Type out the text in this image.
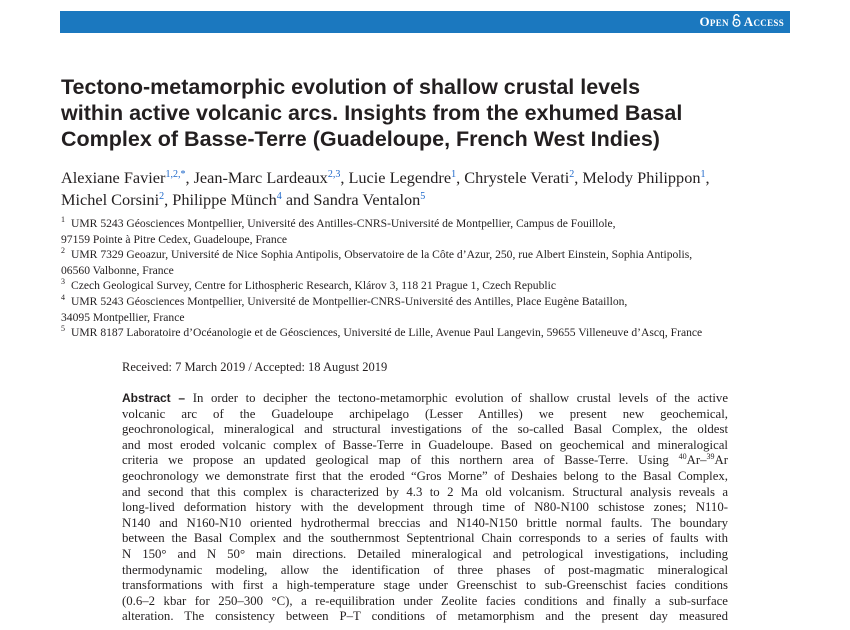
Open Access
Tectono-metamorphic evolution of shallow crustal levels
within active volcanic arcs. Insights from the exhumed Basal
Complex of Basse-Terre (Guadeloupe, French West Indies)
Alexiane Favier$^{1,2,*}$, Jean-Marc Lardeaux$^{2,3}$, Lucie Legendre$^1$, Chrystele Verati$^2$, Melody Philippon$^1$,
Michel Corsini$^2$, Philippe Münch$^4$ and Sandra Ventalon$^5$
1 UMR 5243 Géosciences Montpellier, Université des Antilles-CNRS-Université de Montpellier, Campus de Fouillole,
97159 Pointe à Pitre Cedex, Guadeloupe, France
2 UMR 7329 Geoazur, Université de Nice Sophia Antipolis, Observatoire de la Côte d’Azur, 250, rue Albert Einstein, Sophia Antipolis,
06560 Valbonne, France
3 Czech Geological Survey, Centre for Lithospheric Research, Klárov 3, 118 21 Prague 1, Czech Republic
4 UMR 5243 Géosciences Montpellier, Université de Montpellier-CNRS-Université des Antilles, Place Eugène Bataillon,
34095 Montpellier, France
5 UMR 8187 Laboratoire d’Océanologie et de Géosciences, Université de Lille, Avenue Paul Langevin, 59655 Villeneuve d’Ascq, France
Received: 7 March 2019 / Accepted: 18 August 2019
Abstract – In order to decipher the tectono-metamorphic evolution of shallow crustal levels of the active
volcanic arc of the Guadeloupe archipelago (Lesser Antilles) we present new geochemical,
geochronological, mineralogical and structural investigations of the so-called Basal Complex, the oldest
and most eroded volcanic complex of Basse-Terre in Guadeloupe. Based on geochemical and mineralogical
criteria we propose an updated geological map of this northern area of Basse-Terre. Using $^{40}$Ar–$^{39}$Ar
geochronology we demonstrate first that the eroded “Gros Morne” of Deshaies belong to the Basal Complex,
and second that this complex is characterized by 4.3 to 2 Ma old volcanism. Structural analysis reveals a
long-lived deformation history with the development through time of N80-N100 schistose zones; N110-
N140 and N160-N10 oriented hydrothermal breccias and N140-N150 brittle normal faults. The boundary
between the Basal Complex and the southernmost Septentrional Chain corresponds to a series of faults with
N 150° and N 50° main directions. Detailed mineralogical and petrological investigations, including
thermodynamic modeling, allow the identification of three phases of post-magmatic mineralogical
transformations with first a high-temperature stage under Greenschist to sub-Greenschist facies conditions
(0.6–2 kbar for 250–300 °C), a re-equilibration under Zeolite facies conditions and finally a sub-surface
alteration. The consistency between P–T conditions of metamorphism and the present day measured
